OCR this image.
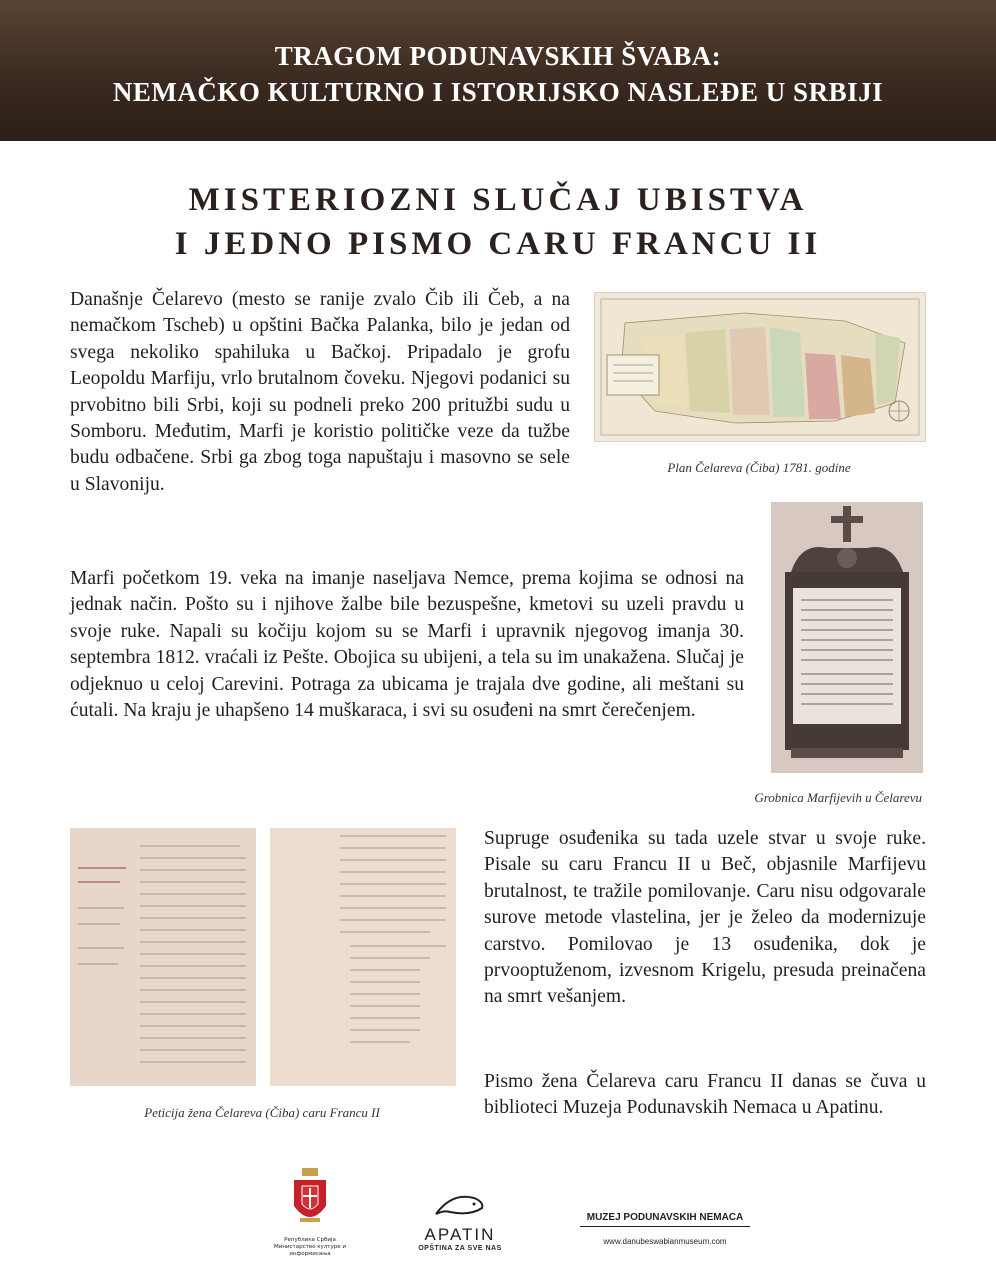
TRAGOM PODUNAVSKIH ŠVABA:
NEMAČKO KULTURNO I ISTORIJSKO NASLEĐE U SRBIJI
MISTERIOZNI SLUČAJ UBISTVA
I JEDNO PISMO CARU FRANCU II
Današnje Čelarevo (mesto se ranije zvalo Čib ili Čeb, a na nemačkom Tscheb) u opštini Bačka Palanka, bilo je jedan od svega nekoliko spahiluka u Bačkoj. Pripadalo je grofu Leopoldu Marfiju, vrlo brutalnom čoveku. Njegovi podanici su prvobitno bili Srbi, koji su podneli preko 200 pritužbi sudu u Somboru. Međutim, Marfi je koristio političke veze da tužbe budu odbačene. Srbi ga zbog toga napuštaju i masovno se sele u Slavoniju.
Plan Čelareva (Čiba) 1781. godine
Grobnica Marfijevih u Čelarevu
Marfi početkom 19. veka na imanje naseljava Nemce, prema kojima se odnosi na jednak način. Pošto su i njihove žalbe bile bezuspešne, kmetovi su uzeli pravdu u svoje ruke. Napali su kočiju kojom su se Marfi i upravnik njegovog imanja 30. septembra 1812. vraćali iz Pešte. Obojica su ubijeni, a tela su im unakažena. Slučaj je odjeknuo u celoj Carevini. Potraga za ubicama je trajala dve godine, ali meštani su ćutali. Na kraju je uhapšeno 14 muškaraca, i svi su osuđeni na smrt čerečenjem.
Peticija žena Čelareva (Čiba) caru Francu II
Supruge osuđenika su tada uzele stvar u svoje ruke. Pisale su caru Francu II u Beč, objasnile Marfijevu brutalnost, te tražile pomilovanje. Caru nisu odgovarale surove metode vlastelina, jer je želeo da modernizuje carstvo. Pomilovao je 13 osuđenika, dok je prvooptuženom, izvesnom Krigelu, presuda preinačena na smrt vešanjem.
Pismo žena Čelareva caru Francu II danas se čuva u biblioteci Muzeja Podunavskih Nemaca u Apatinu.
Република Србија
Министарство културе и информисања
APATIN
OPŠTINA ZA SVE NAS
MUZEJ PODUNAVSKIH NEMACA
www.danubeswabianmuseum.com
